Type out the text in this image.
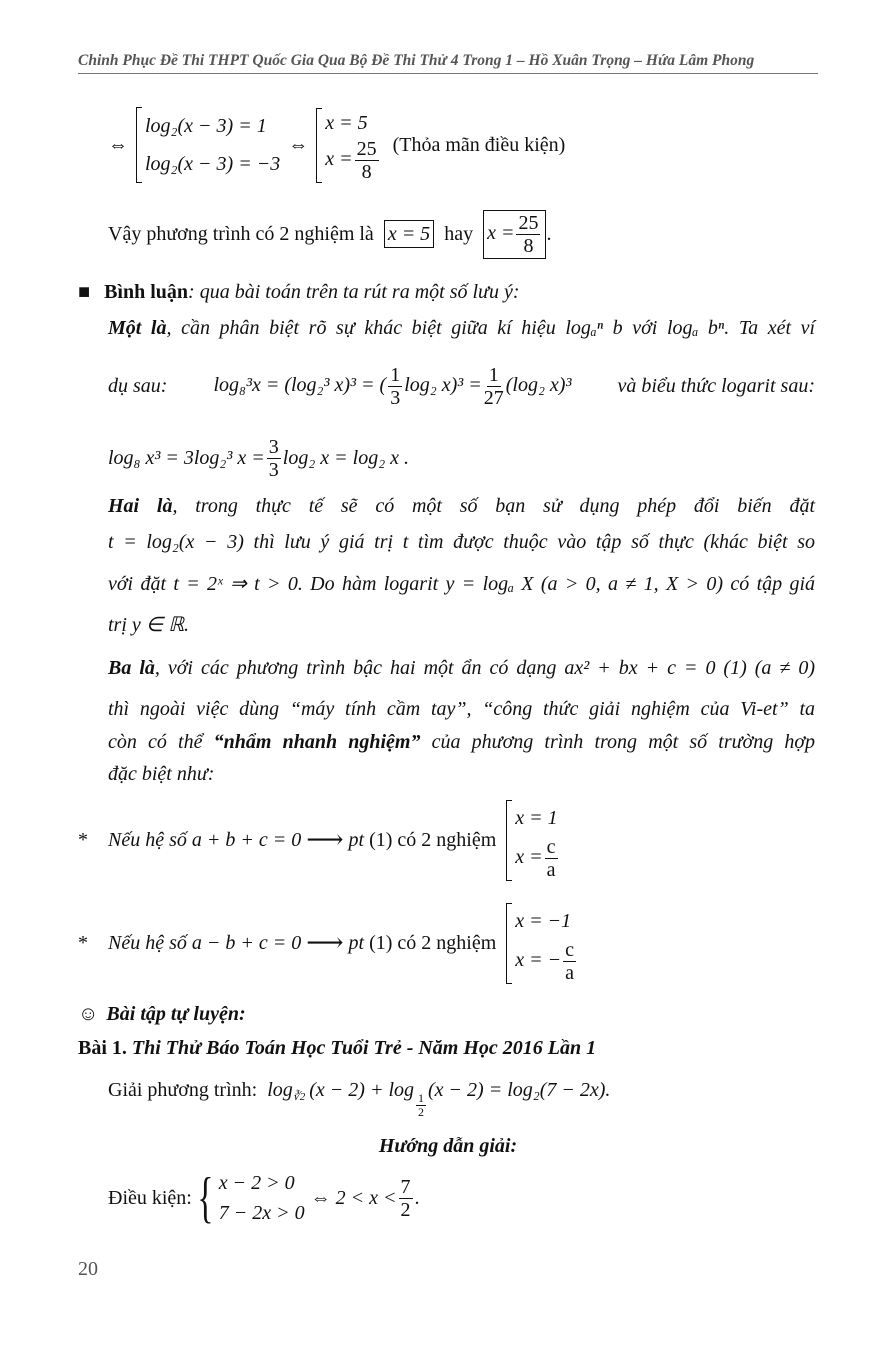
Chinh Phục Đề Thi THPT Quốc Gia Qua Bộ Đề Thi Thử 4 Trong 1 – Hồ Xuân Trọng – Hứa Lâm Phong
⇔
log₂(x − 3) = 1
log₂(x − 3) = −3
⇔
x = 5
$x = \frac{25}{8}$ (Thỏa mãn điều kiện)
Vậy phương trình có 2 nghiệm là x = 5 hay $x = \frac{25}{8}$ .
■ Bình luận: qua bài toán trên ta rút ra một số lưu ý:
Một là, cần phân biệt rõ sự khác biệt giữa kí hiệu logₐⁿ b với logₐ bⁿ. Ta xét ví
dụ sau: log₈³x = (log₂³ x)³ = ( $\frac{1}{3} \log_2$ $x)^3 = \frac{1}{27} (\log_2$ x)³ và biểu thức logarit sau:
log₈ x³ = 3log₂³ $x = \frac{3}{3} \log_2$ x = log₂ x .
Hai là, trong thực tế sẽ có một số bạn sử dụng phép đổi biến đặt
t = log₂(x − 3) thì lưu ý giá trị t tìm được thuộc vào tập số thực (khác biệt so
với đặt t = 2ˣ ⇒ t > 0. Do hàm logarit y = logₐ X (a > 0, a ≠ 1, X > 0) có tập giá
trị y ∈ ℝ.
Ba là, với các phương trình bậc hai một ẩn có dạng ax² + bx + c = 0 (1) (a ≠ 0)
thì ngoài việc dùng “máy tính cầm tay”, “công thức giải nghiệm của Vi-et” ta
còn có thể “nhẩm nhanh nghiệm” của phương trình trong một số trường hợp
đặc biệt như:
*	Nếu hệ số
a + b + c = 0
⟶
pt
(1) có 2 nghiệm
x = 1
$x = \frac{c}{a}$
*	Nếu hệ số
a − b + c = 0
⟶
pt
(1) có 2 nghiệm
x = −1
x = − $\frac{c}{a}$
☺ Bài tập tự luyện:
Bài 1. Thi Thử Báo Toán Học Tuổi Trẻ - Năm Học 2016 Lần 1
Giải phương trình: $\log_{∛2} (x - 2) + \log$
$\frac{1}{2}$
(x − 2) = log₂(7 − 2x).
Hướng dẫn giải:
Điều kiện: { x − 2 > 0
7 − 2x > 0
⇔ $2 < x < \frac{7}{2}$ .
20
